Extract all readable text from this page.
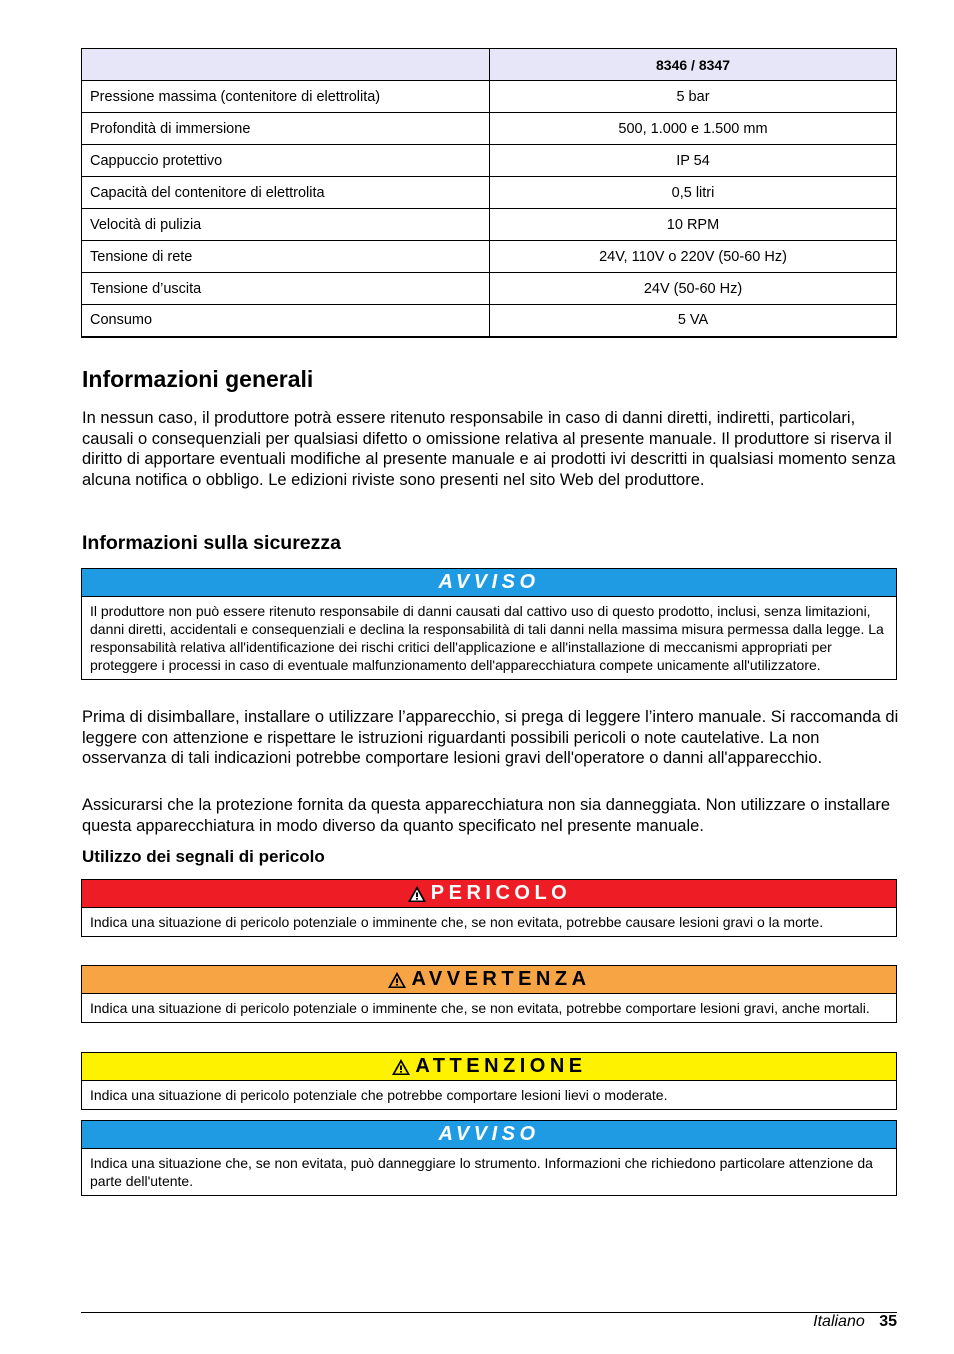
	8346 / 8347
Pressione massima (contenitore di elettrolita)	5 bar
Profondità di immersione	500, 1.000 e 1.500 mm
Cappuccio protettivo	IP 54
Capacità del contenitore di elettrolita	0,5 litri
Velocità di pulizia	10 RPM
Tensione di rete	24V, 110V o 220V (50-60 Hz)
Tensione d’uscita	24V (50-60 Hz)
Consumo	5 VA
Informazioni generali

In nessun caso, il produttore potrà essere ritenuto responsabile in caso di danni diretti, indiretti, particolari, causali o consequenziali per qualsiasi difetto o omissione relativa al presente manuale. Il produttore si riserva il diritto di apportare eventuali modifiche al presente manuale e ai prodotti ivi descritti in qualsiasi momento senza alcuna notifica o obbligo. Le edizioni riviste sono presenti nel sito Web del produttore.

Informazioni sulla sicurezza
AVVISO
Il produttore non può essere ritenuto responsabile di danni causati dal cattivo uso di questo prodotto, inclusi, senza limitazioni, danni diretti, accidentali e consequenziali e declina la responsabilità di tali danni nella massima misura permessa dalla legge. La responsabilità relativa all'identificazione dei rischi critici dell'applicazione e all'installazione di meccanismi appropriati per proteggere i processi in caso di eventuale malfunzionamento dell'apparecchiatura compete unicamente all'utilizzatore.

Prima di disimballare, installare o utilizzare l’apparecchio, si prega di leggere l’intero manuale. Si raccomanda di leggere con attenzione e rispettare le istruzioni riguardanti possibili pericoli o note cautelative. La non osservanza di tali indicazioni potrebbe comportare lesioni gravi dell'operatore o danni all'apparecchio.

Assicurarsi che la protezione fornita da questa apparecchiatura non sia danneggiata. Non utilizzare o installare questa apparecchiatura in modo diverso da quanto specificato nel presente manuale.

Utilizzo dei segnali di pericolo
PERICOLO
Indica una situazione di pericolo potenziale o imminente che, se non evitata, potrebbe causare lesioni gravi o la morte.
AVVERTENZA
Indica una situazione di pericolo potenziale o imminente che, se non evitata, potrebbe comportare lesioni gravi, anche mortali.
ATTENZIONE
Indica una situazione di pericolo potenziale che potrebbe comportare lesioni lievi o moderate.
AVVISO
Indica una situazione che, se non evitata, può danneggiare lo strumento. Informazioni che richiedono particolare attenzione da parte dell'utente.
Italiano 35
